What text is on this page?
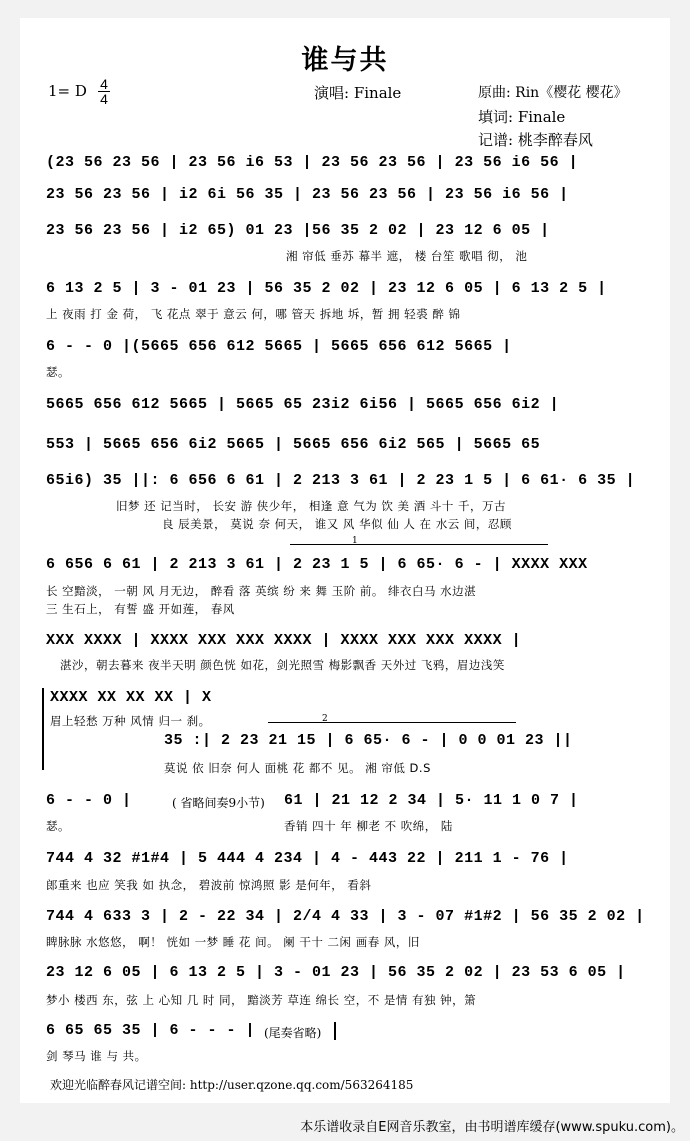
谁与共
1= D 4
4	演唱: Finale	原曲: Rin《樱花 樱花》
填词: Finale
记谱: 桃李醉春风
(23 56 23 56 | 23 56 i6 53 | 23 56 23 56 | 23 56 i6 56 |
23 56 23 56 | i2 6i 56 35 | 23 56 23 56 | 23 56 i6 56 |
23 56 23 56 | i2 65) 01 23 |56 35 2 02 | 23 12 6 05 |
湘 帘低 垂苏 幕半 遮， 楼 台笙 歌唱 彻， 池
6 13 2 5 | 3 - 01 23 | 56 35 2 02 | 23 12 6 05 | 6 13 2 5 |
上 夜雨 打 金 荷， 飞 花点 翠于 意云 何，哪 管天 拆地 坼，暂 拥 轻裘 醉 锦
6 - - 0 |(5665 656 612 5665 | 5665 656 612 5665 |
瑟。
5665 656 612 5665 | 5665 65 23i2 6i56 | 5665 656 6i2 |
553 | 5665 656 6i2 5665 | 5665 656 6i2 565 | 5665 65
65i6) 35 ||: 6 656 6 61 | 2 213 3 61 | 2 23 1 5 | 6 61· 6 35 |
旧梦 还 记当时， 长安 游 侠少年， 相逢 意 气为 饮 美 酒 斗十 千，万古
良 辰美景， 莫说 奈 何天， 谁又 风 华似 仙 人 在 水云 间，忍顾
1
6 656 6 61 | 2 213 3 61 | 2 23 1 5 | 6 65· 6 - | XXXX XXX
长 空黯淡， 一朝 风 月无边， 醉看 落 英缤 纷 来 舞 玉阶 前。 绯衣白马 水边湛
三 生石上， 有誓 盛 开如莲， 春风
XXX XXXX | XXXX XXX XXX XXXX | XXXX XXX XXX XXXX |
湛沙，朝去暮来 夜半天明 颜色恍 如花，剑光照雪 梅影飘香 天外过 飞鸦，眉边浅笑
XXXX XX XX XX | X
眉上轻愁 万种 风情 归一 刹。	2
35 :| 2 23 21 15 | 6 65· 6 - | 0 0 01 23 ||
莫说 依 旧奈 何人 面桃 花 都不 见。 湘 帘低 D.S
6 - - 0 |	( 省略间奏9小节) 61 | 21 12 2 34 | 5· 11 1 0 7 |
瑟。	香销 四十 年 柳老 不 吹绵， 陆
744 4 32 #1#4 | 5 444 4 234 | 4 - 443 22 | 211 1 - 76 |
郎重来 也应 笑我 如 执念， 碧波前 惊鸿照 影 是何年， 看斜
744 4 633 3 | 2 - 22 34 | 2/4 4 33 | 3 - 07 #1#2 | 56 35 2 02 |
睥脉脉 水悠悠， 啊！ 恍如 一梦 睡 花 间。 阑 干十 二闲 画春 风，旧
23 12 6 05 | 6 13 2 5 | 3 - 01 23 | 56 35 2 02 | 23 53 6 05 |
梦小 楼西 东，弦 上 心知 几 时 同， 黯淡芳 草连 绵长 空，不 是情 有独 钟，箫
6 65 65 35 | 6 - - - | (尾奏省略)
剑 琴马 谁 与 共。
欢迎光临醉春风记谱空间: http://user.qzone.qq.com/563264185
本乐谱收录自E网音乐教室，由书明谱库缓存(www.spuku.com)。
